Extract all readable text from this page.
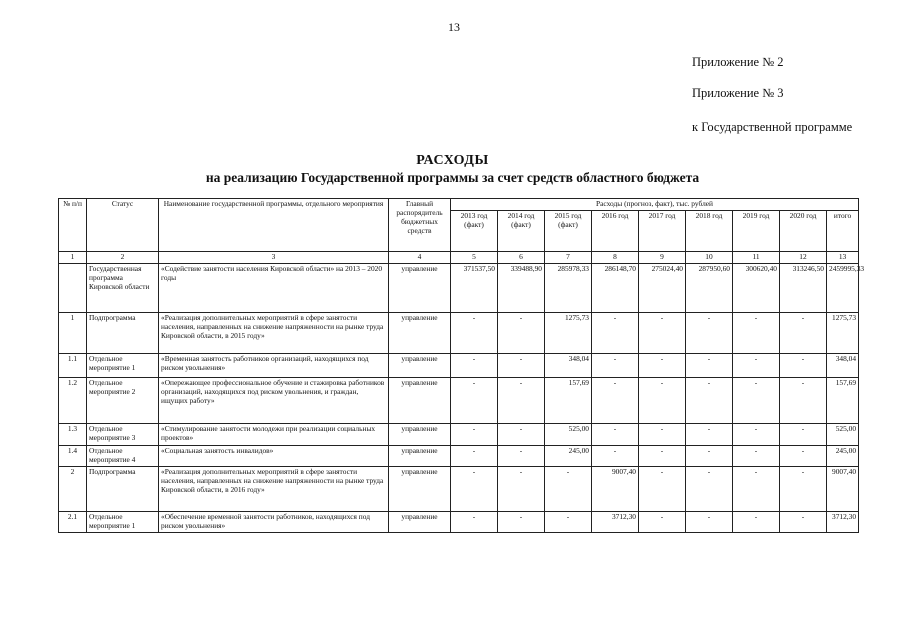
13
Приложение № 2
Приложение № 3
к Государственной программе
РАСХОДЫ
на реализацию Государственной программы за счет средств областного бюджета
№ п/п	Статус	Наименование государственной программы, отдельного мероприятия	Главный распорядитель бюджетных средств	Расходы (прогноз, факт), тыс. рублей								
				2013 год (факт)	2014 год (факт)	2015 год (факт)	2016 год	2017 год	2018 год	2019 год	2020 год	итого
1	2	3	4	5	6	7	8	9	10	11	12	13
	Государственная программа Кировской области	«Содействие занятости населения Кировской области» на 2013 – 2020 годы	управление	371537,50	339488,90	285978,33	286148,70	275024,40	287950,60	300620,40	313246,50	2459995,33
1	Подпрограмма	«Реализация дополнительных мероприятий в сфере занятости населения, направленных на снижение напряженности на рынке труда Кировской области, в 2015 году»	управление	-	-	1275,73	-	-	-	-	-	1275,73
1.1	Отдельное мероприятие 1	«Временная занятость работников организаций, находящихся под риском увольнения»	управление	-	-	348,04	-	-	-	-	-	348,04
1.2	Отдельное мероприятие 2	«Опережающее профессиональное обучение и стажировка работников организаций, находящихся под риском увольнения, и граждан, ищущих работу»	управление	-	-	157,69	-	-	-	-	-	157,69
1.3	Отдельное мероприятие 3	«Стимулирование занятости молодежи при реализации социальных проектов»	управление	-	-	525,00	-	-	-	-	-	525,00
1.4	Отдельное мероприятие 4	«Социальная занятость инвалидов»	управление	-	-	245,00	-	-	-	-	-	245,00
2	Подпрограмма	«Реализация дополнительных мероприятий в сфере занятости населения, направленных на снижение напряженности на рынке труда Кировской области, в 2016 году»	управление	-	-	-	9007,40	-	-	-	-	9007,40
2.1	Отдельное мероприятие 1	«Обеспечение временной занятости работников, находящихся под риском увольнения»	управление	-	-	-	3712,30	-	-	-	-	3712,30
